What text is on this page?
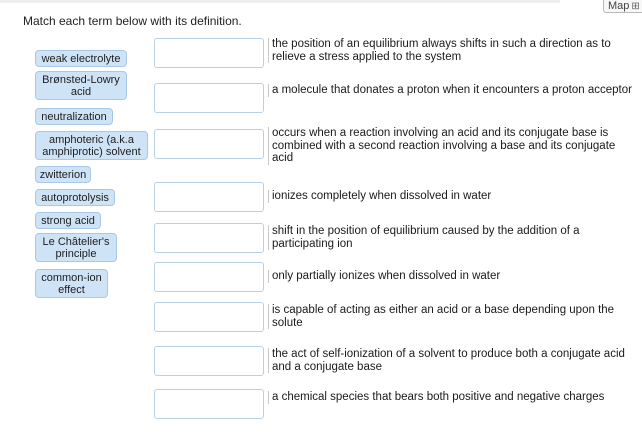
Map ⊞
Match each term below with its definition.
weak electrolyte
Brønsted-Lowry acid
neutralization
amphoteric (a.k.a amphiprotic) solvent
zwitterion
autoprotolysis
strong acid
Le Châtelier's principle
common-ion effect
the position of an equilibrium always shifts in such a direction as to relieve a stress applied to the system
a molecule that donates a proton when it encounters a proton acceptor
occurs when a reaction involving an acid and its conjugate base is combined with a second reaction involving a base and its conjugate acid
ionizes completely when dissolved in water
shift in the position of equilibrium caused by the addition of a participating ion
only partially ionizes when dissolved in water
is capable of acting as either an acid or a base depending upon the solute
the act of self-ionization of a solvent to produce both a conjugate acid and a conjugate base
a chemical species that bears both positive and negative charges
